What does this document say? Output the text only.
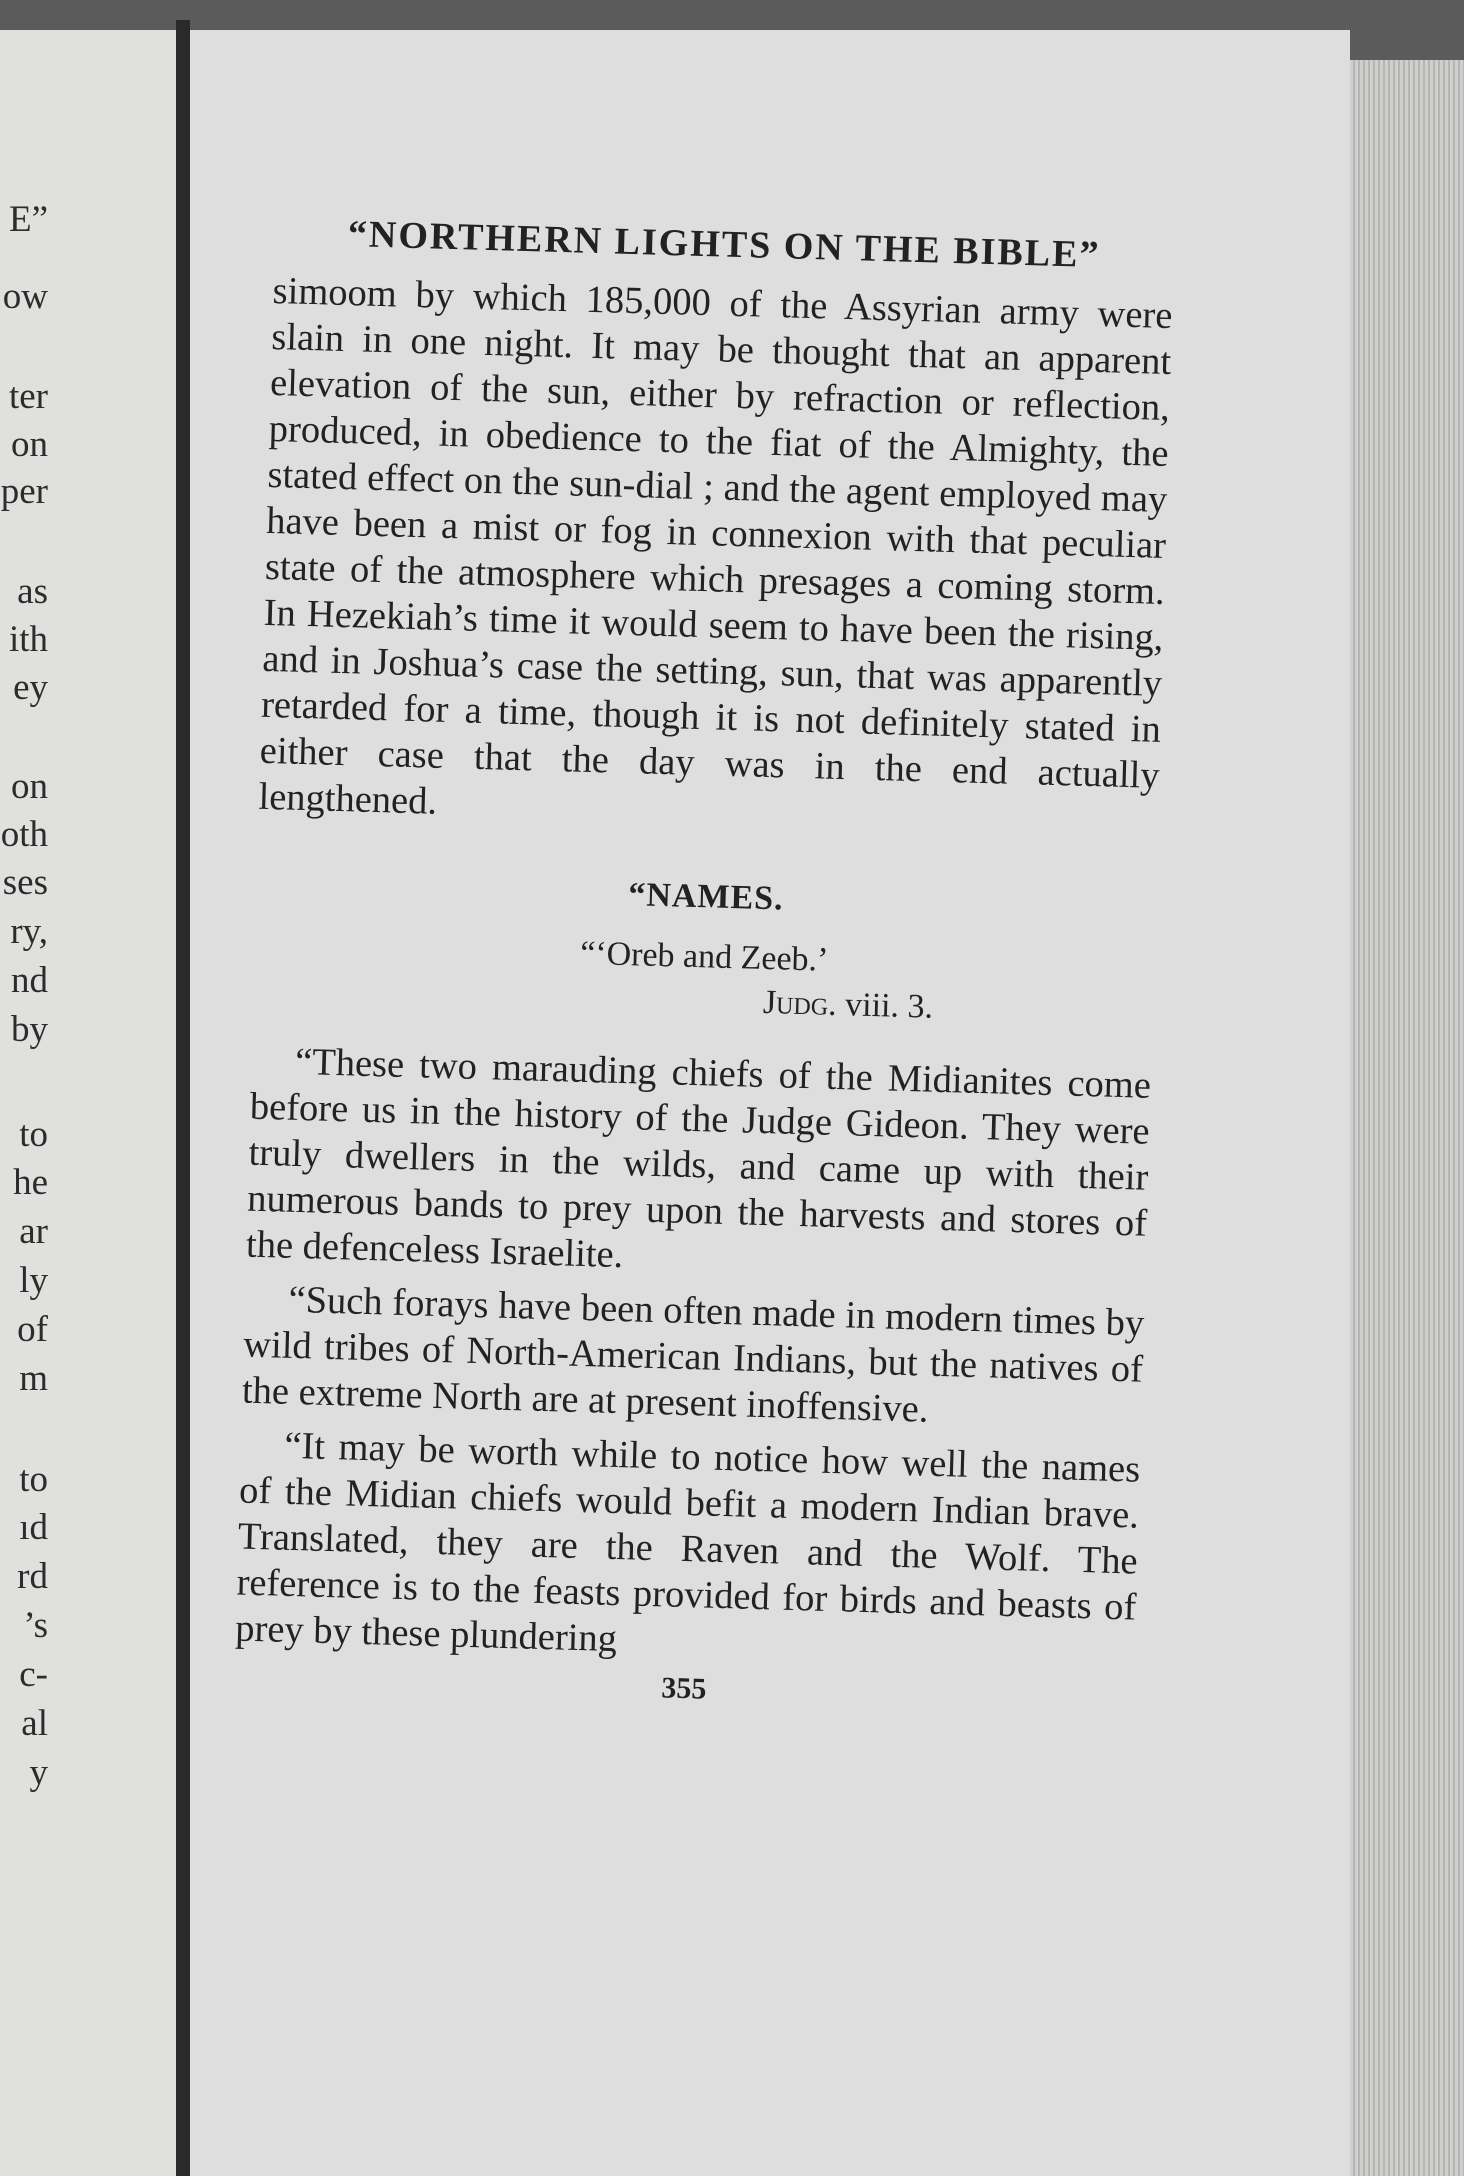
E”
ow
ter
on
per
as
ith
ey
on
oth
ses
ry,
nd
by
to
he
ar
ly
of
m
to
ıd
rd
’s
c-
al
y
“NORTHERN LIGHTS ON THE BIBLE”

simoom by which 185,000 of the Assyrian army were slain in one night. It may be thought that an apparent elevation of the sun, either by refraction or reflection, produced, in obedience to the fiat of the Almighty, the stated effect on the sun-dial ; and the agent employed may have been a mist or fog in connexion with that peculiar state of the atmosphere which presages a coming storm. In Hezekiah’s time it would seem to have been the rising, and in Joshua’s case the setting, sun, that was apparently retarded for a time, though it is not definitely stated in either case that the day was in the end actually lengthened.

“NAMES.
“‘Oreb and Zeeb.’
Judg. viii. 3.

“These two marauding chiefs of the Midianites come before us in the history of the Judge Gideon. They were truly dwellers in the wilds, and came up with their numerous bands to prey upon the harvests and stores of the defenceless Israelite.

“Such forays have been often made in modern times by wild tribes of North-American Indians, but the natives of the extreme North are at present inoffensive.

“It may be worth while to notice how well the names of the Midian chiefs would befit a modern Indian brave. Translated, they are the Raven and the Wolf. The reference is to the feasts provided for birds and beasts of prey by these plundering

355
